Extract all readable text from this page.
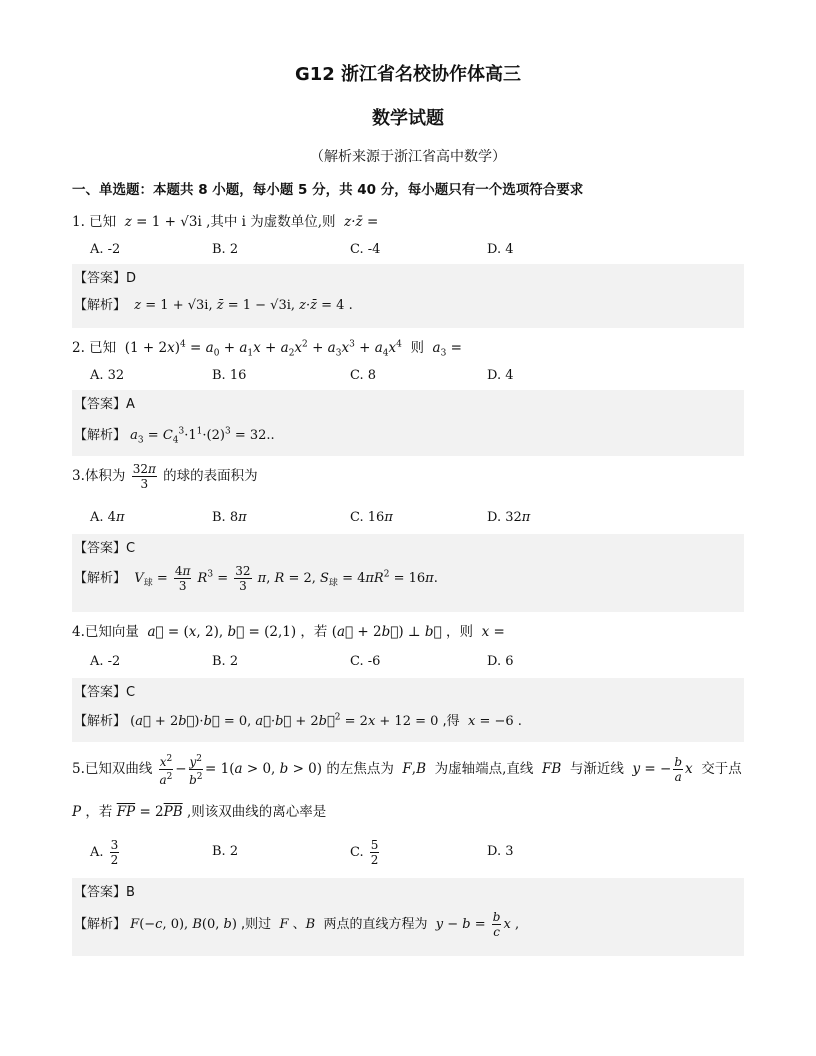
G12 浙江省名校协作体高三
数学试题
（解析来源于浙江省高中数学）
一、单选题：本题共 8 小题，每小题 5 分，共 40 分，每小题只有一个选项符合要求
1. 已知  z = 1 + √3i ,其中 i 为虚数单位,则  z·z̄ =
A. -2	B. 2	C. -4	D. 4
【答案】D
【解析】  z = 1 + √3i, z̄ = 1 − √3i, z·z̄ = 4 .
2. 已知 $(1 + 2x)^4 = a_0 + a_1x + a_2x^2 + a_3x^3 + a_4x^4$ 则  $a_3$ =
A. 32	B. 16	C. 8	D. 4
【答案】A
【解析】 $a_3 = C_4^3\cdot 1^1\cdot(2)^3 = 32$..
3.体积为 $\frac{32\pi}{3}$ 的球的表面积为
A. 4π	B. 8π	C. 16π	D. 32π
【答案】C
【解析】  $V_球 = \frac{4\pi}{3} R^3 = \frac{32}{3} \pi$, R = 2, $S_球 = 4\pi R^2 = 16\pi$.
4.已知向量  a⃗ = (x, 2), b⃗ = (2,1) ，若 (a⃗ + 2b⃗) ⊥ b⃗ ，则  x =
A. -2	B. 2	C. -6	D. 6
【答案】C
【解析】 (a⃗ + 2b⃗)·b⃗ = 0, a⃗·b⃗ + 2b⃗$^2$ = 2x + 12 = 0 ,得  x = −6 .
5.已知双曲线 $\frac{x^2}{a^2} - \frac{y^2}{b^2} = 1(a > 0$, b > 0) 的左焦点为  F,B  为虚轴端点,直线  FB  与渐近线  y = − $\frac{b}{a}$ x  交于点
P ，若 $\overline{FP} = 2\overline{PB}$ ,则该双曲线的离心率是
A. $\frac{3}{2}$	B. 2	C. $\frac{5}{2}$	D. 3
【答案】B
【解析】 F(−c, 0), B(0, b) ,则过  F 、B  两点的直线方程为  $y - b = \frac{b}{c}$ x ,
